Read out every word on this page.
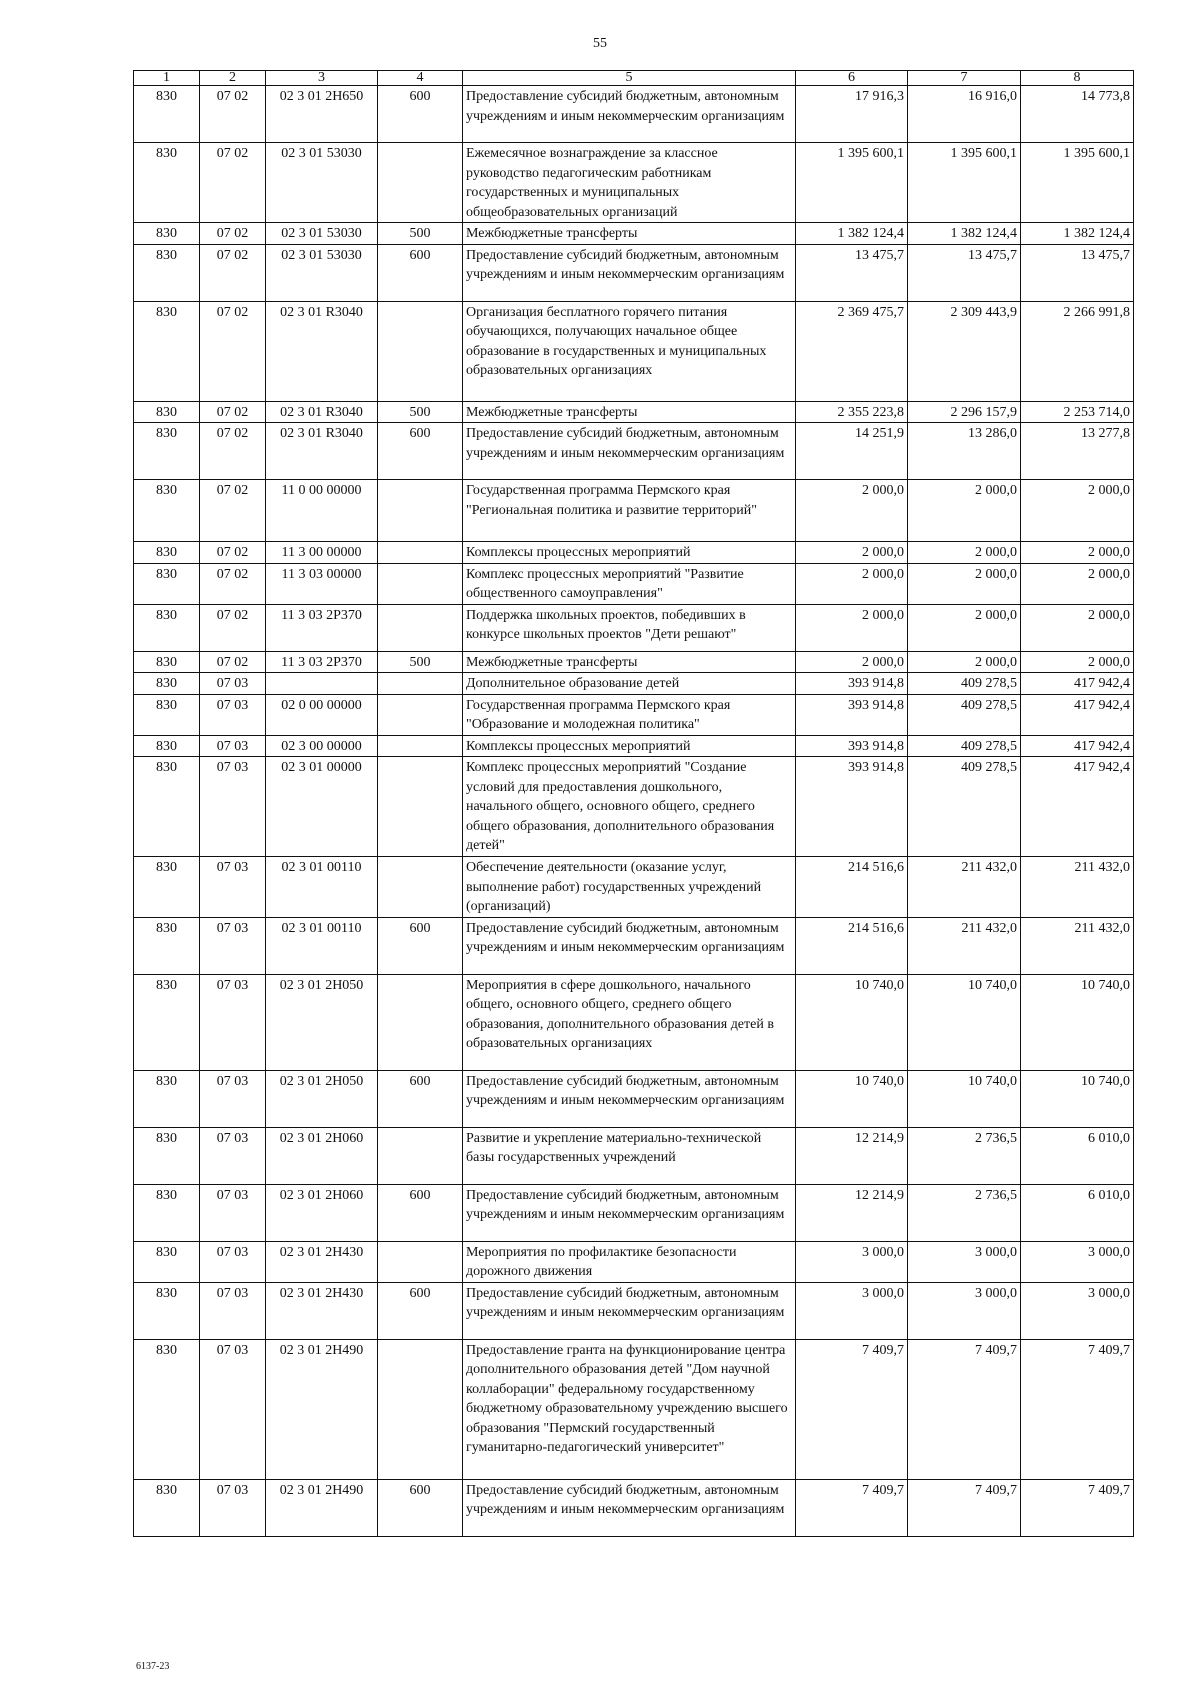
55
1	2	3	4	5	6	7	8
830	07 02	02 3 01 2Н650	600	Предоставление субсидий бюджетным, автономным учреждениям и иным некоммерческим организациям	17 916,3	16 916,0	14 773,8
830	07 02	02 3 01 53030		Ежемесячное вознаграждение за классное руководство педагогическим работникам государственных и муниципальных общеобразовательных организаций	1 395 600,1	1 395 600,1	1 395 600,1
830	07 02	02 3 01 53030	500	Межбюджетные трансферты	1 382 124,4	1 382 124,4	1 382 124,4
830	07 02	02 3 01 53030	600	Предоставление субсидий бюджетным, автономным учреждениям и иным некоммерческим организациям	13 475,7	13 475,7	13 475,7
830	07 02	02 3 01 R3040		Организация бесплатного горячего питания обучающихся, получающих начальное общее образование в государственных и муниципальных образовательных организациях	2 369 475,7	2 309 443,9	2 266 991,8
830	07 02	02 3 01 R3040	500	Межбюджетные трансферты	2 355 223,8	2 296 157,9	2 253 714,0
830	07 02	02 3 01 R3040	600	Предоставление субсидий бюджетным, автономным учреждениям и иным некоммерческим организациям	14 251,9	13 286,0	13 277,8
830	07 02	11 0 00 00000		Государственная программа Пермского края "Региональная политика и развитие территорий"	2 000,0	2 000,0	2 000,0
830	07 02	11 3 00 00000		Комплексы процессных мероприятий	2 000,0	2 000,0	2 000,0
830	07 02	11 3 03 00000		Комплекс процессных мероприятий "Развитие общественного самоуправления"	2 000,0	2 000,0	2 000,0
830	07 02	11 3 03 2Р370		Поддержка школьных проектов, победивших в конкурсе школьных проектов "Дети решают"	2 000,0	2 000,0	2 000,0
830	07 02	11 3 03 2Р370	500	Межбюджетные трансферты	2 000,0	2 000,0	2 000,0
830	07 03			Дополнительное образование детей	393 914,8	409 278,5	417 942,4
830	07 03	02 0 00 00000		Государственная программа Пермского края "Образование и молодежная политика"	393 914,8	409 278,5	417 942,4
830	07 03	02 3 00 00000		Комплексы процессных мероприятий	393 914,8	409 278,5	417 942,4
830	07 03	02 3 01 00000		Комплекс процессных мероприятий "Создание условий для предоставления дошкольного, начального общего, основного общего, среднего общего образования, дополнительного образования детей"	393 914,8	409 278,5	417 942,4
830	07 03	02 3 01 00110		Обеспечение деятельности (оказание услуг, выполнение работ) государственных учреждений (организаций)	214 516,6	211 432,0	211 432,0
830	07 03	02 3 01 00110	600	Предоставление субсидий бюджетным, автономным учреждениям и иным некоммерческим организациям	214 516,6	211 432,0	211 432,0
830	07 03	02 3 01 2Н050		Мероприятия в сфере дошкольного, начального общего, основного общего, среднего общего образования, дополнительного образования детей в образовательных организациях	10 740,0	10 740,0	10 740,0
830	07 03	02 3 01 2Н050	600	Предоставление субсидий бюджетным, автономным учреждениям и иным некоммерческим организациям	10 740,0	10 740,0	10 740,0
830	07 03	02 3 01 2Н060		Развитие и укрепление материально-технической базы государственных учреждений	12 214,9	2 736,5	6 010,0
830	07 03	02 3 01 2Н060	600	Предоставление субсидий бюджетным, автономным учреждениям и иным некоммерческим организациям	12 214,9	2 736,5	6 010,0
830	07 03	02 3 01 2Н430		Мероприятия по профилактике безопасности дорожного движения	3 000,0	3 000,0	3 000,0
830	07 03	02 3 01 2Н430	600	Предоставление субсидий бюджетным, автономным учреждениям и иным некоммерческим организациям	3 000,0	3 000,0	3 000,0
830	07 03	02 3 01 2Н490		Предоставление гранта на функционирование центра дополнительного образования детей "Дом научной коллаборации" федеральному государственному бюджетному образовательному учреждению высшего образования "Пермский государственный гуманитарно-педагогический университет"	7 409,7	7 409,7	7 409,7
830	07 03	02 3 01 2Н490	600	Предоставление субсидий бюджетным, автономным учреждениям и иным некоммерческим организациям	7 409,7	7 409,7	7 409,7
6137-23
